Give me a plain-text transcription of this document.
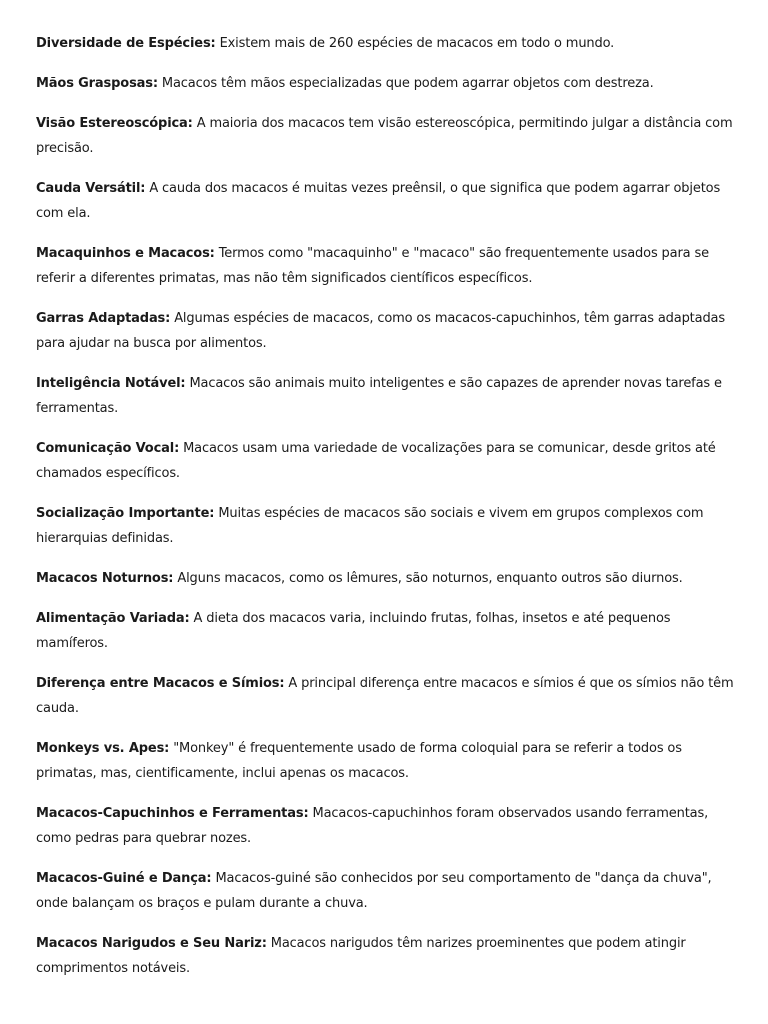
Diversidade de Espécies: Existem mais de 260 espécies de macacos em todo o mundo.

Mãos Grasposas: Macacos têm mãos especializadas que podem agarrar objetos com destreza.

Visão Estereoscópica: A maioria dos macacos tem visão estereoscópica, permitindo julgar a distância com precisão.

Cauda Versátil: A cauda dos macacos é muitas vezes preênsil, o que significa que podem agarrar objetos com ela.

Macaquinhos e Macacos: Termos como "macaquinho" e "macaco" são frequentemente usados para se referir a diferentes primatas, mas não têm significados científicos específicos.

Garras Adaptadas: Algumas espécies de macacos, como os macacos-capuchinhos, têm garras adaptadas para ajudar na busca por alimentos.

Inteligência Notável: Macacos são animais muito inteligentes e são capazes de aprender novas tarefas e ferramentas.

Comunicação Vocal: Macacos usam uma variedade de vocalizações para se comunicar, desde gritos até chamados específicos.

Socialização Importante: Muitas espécies de macacos são sociais e vivem em grupos complexos com hierarquias definidas.

Macacos Noturnos: Alguns macacos, como os lêmures, são noturnos, enquanto outros são diurnos.

Alimentação Variada: A dieta dos macacos varia, incluindo frutas, folhas, insetos e até pequenos mamíferos.

Diferença entre Macacos e Símios: A principal diferença entre macacos e símios é que os símios não têm cauda.

Monkeys vs. Apes: "Monkey" é frequentemente usado de forma coloquial para se referir a todos os primatas, mas, cientificamente, inclui apenas os macacos.

Macacos-Capuchinhos e Ferramentas: Macacos-capuchinhos foram observados usando ferramentas, como pedras para quebrar nozes.

Macacos-Guiné e Dança: Macacos-guiné são conhecidos por seu comportamento de "dança da chuva", onde balançam os braços e pulam durante a chuva.

Macacos Narigudos e Seu Nariz: Macacos narigudos têm narizes proeminentes que podem atingir comprimentos notáveis.
